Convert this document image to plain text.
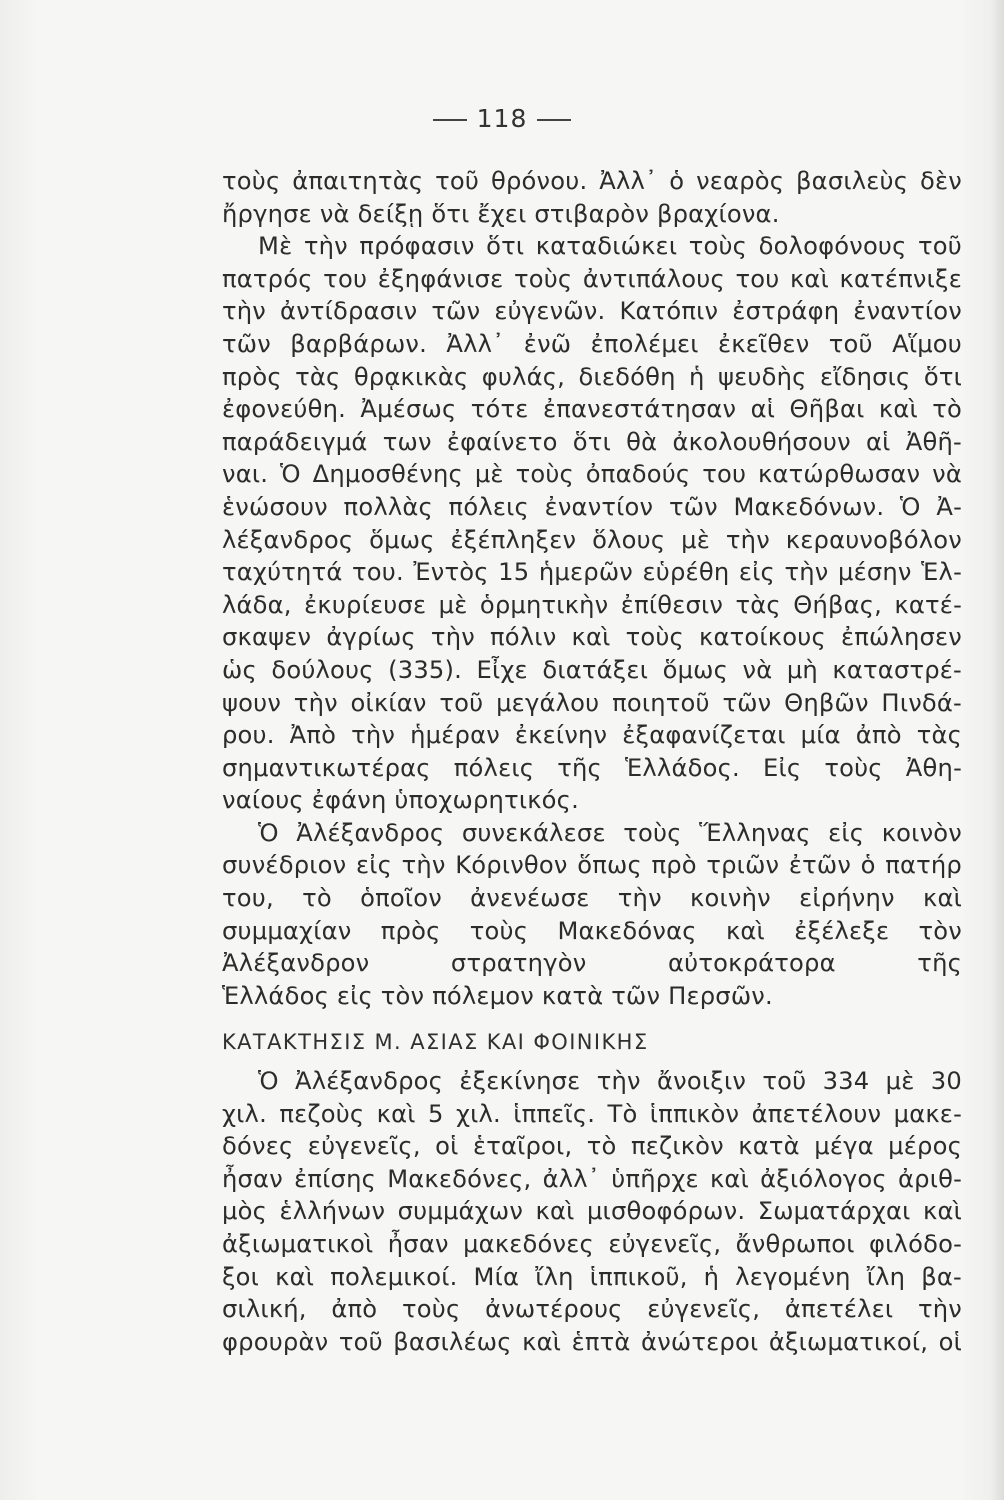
118
τοὺς ἀπαιτητὰς τοῦ θρόνου. Ἀλλ᾽ ὁ νεαρὸς βασιλεὺς δὲν
ἤργησε νὰ δείξῃ ὅτι ἔχει στιβαρὸν βραχίονα.
Μὲ τὴν πρόφασιν ὅτι καταδιώκει τοὺς δολοφόνους τοῦ
πατρός του ἐξηφάνισε τοὺς ἀντιπάλους του καὶ κατέπνιξε
τὴν ἀντίδρασιν τῶν εὐγενῶν. Κατόπιν ἐστράφη ἐναντίον
τῶν βαρβάρων. Ἀλλ᾽ ἐνῶ ἐπολέμει ἐκεῖθεν τοῦ Αἵμου
πρὸς τὰς θρᾳκικὰς φυλάς, διεδόθη ἡ ψευδὴς εἴδησις ὅτι
ἐφονεύθη. Ἀμέσως τότε ἐπανεστάτησαν αἱ Θῆβαι καὶ τὸ
παράδειγμά των ἐφαίνετο ὅτι θὰ ἀκολουθήσουν αἱ Ἀθῆ-
ναι. Ὁ Δημοσθένης μὲ τοὺς ὀπαδούς του κατώρθωσαν νὰ
ἑνώσουν πολλὰς πόλεις ἐναντίον τῶν Μακεδόνων. Ὁ Ἀ-
λέξανδρος ὅμως ἐξέπληξεν ὅλους μὲ τὴν κεραυνοβόλον
ταχύτητά του. Ἐντὸς 15 ἡμερῶν εὑρέθη εἰς τὴν μέσην Ἑλ-
λάδα, ἐκυρίευσε μὲ ὁρμητικὴν ἐπίθεσιν τὰς Θήβας, κατέ-
σκαψεν ἀγρίως τὴν πόλιν καὶ τοὺς κατοίκους ἐπώλησεν
ὡς δούλους (335). Εἶχε διατάξει ὅμως νὰ μὴ καταστρέ-
ψουν τὴν οἰκίαν τοῦ μεγάλου ποιητοῦ τῶν Θηβῶν Πινδά-
ρου. Ἀπὸ τὴν ἡμέραν ἐκείνην ἐξαφανίζεται μία ἀπὸ τὰς
σημαντικωτέρας πόλεις τῆς Ἑλλάδος. Εἰς τοὺς Ἀθη-
ναίους ἐφάνη ὑποχωρητικός.
Ὁ Ἀλέξανδρος συνεκάλεσε τοὺς Ἕλληνας εἰς κοινὸν
συνέδριον εἰς τὴν Κόρινθον ὅπως πρὸ τριῶν ἐτῶν ὁ πατήρ
του, τὸ ὁποῖον ἀνενέωσε τὴν κοινὴν εἰρήνην καὶ
συμμαχίαν πρὸς τοὺς Μακεδόνας καὶ ἐξέλεξε τὸν
Ἀλέξανδρον στρατηγὸν αὐτοκράτορα τῆς
Ἑλλάδος εἰς τὸν πόλεμον κατὰ τῶν Περσῶν.
ΚΑΤΑΚΤΗΣΙΣ Μ. ΑΣΙΑΣ ΚΑΙ ΦΟΙΝΙΚΗΣ
Ὁ Ἀλέξανδρος ἐξεκίνησε τὴν ἄνοιξιν τοῦ 334 μὲ 30
χιλ. πεζοὺς καὶ 5 χιλ. ἱππεῖς. Τὸ ἱππικὸν ἀπετέλουν μακε-
δόνες εὐγενεῖς, οἱ ἑταῖροι, τὸ πεζικὸν κατὰ μέγα μέρος
ἦσαν ἐπίσης Μακεδόνες, ἀλλ᾽ ὑπῆρχε καὶ ἀξιόλογος ἀριθ-
μὸς ἑλλήνων συμμάχων καὶ μισθοφόρων. Σωματάρχαι καὶ
ἀξιωματικοὶ ἦσαν μακεδόνες εὐγενεῖς, ἄνθρωποι φιλόδο-
ξοι καὶ πολεμικοί. Μία ἴλη ἱππικοῦ, ἡ λεγομένη ἴλη βα-
σιλική, ἀπὸ τοὺς ἀνωτέρους εὐγενεῖς, ἀπετέλει τὴν
φρουρὰν τοῦ βασιλέως καὶ ἑπτὰ ἀνώτεροι ἀξιωματικοί, οἱ
